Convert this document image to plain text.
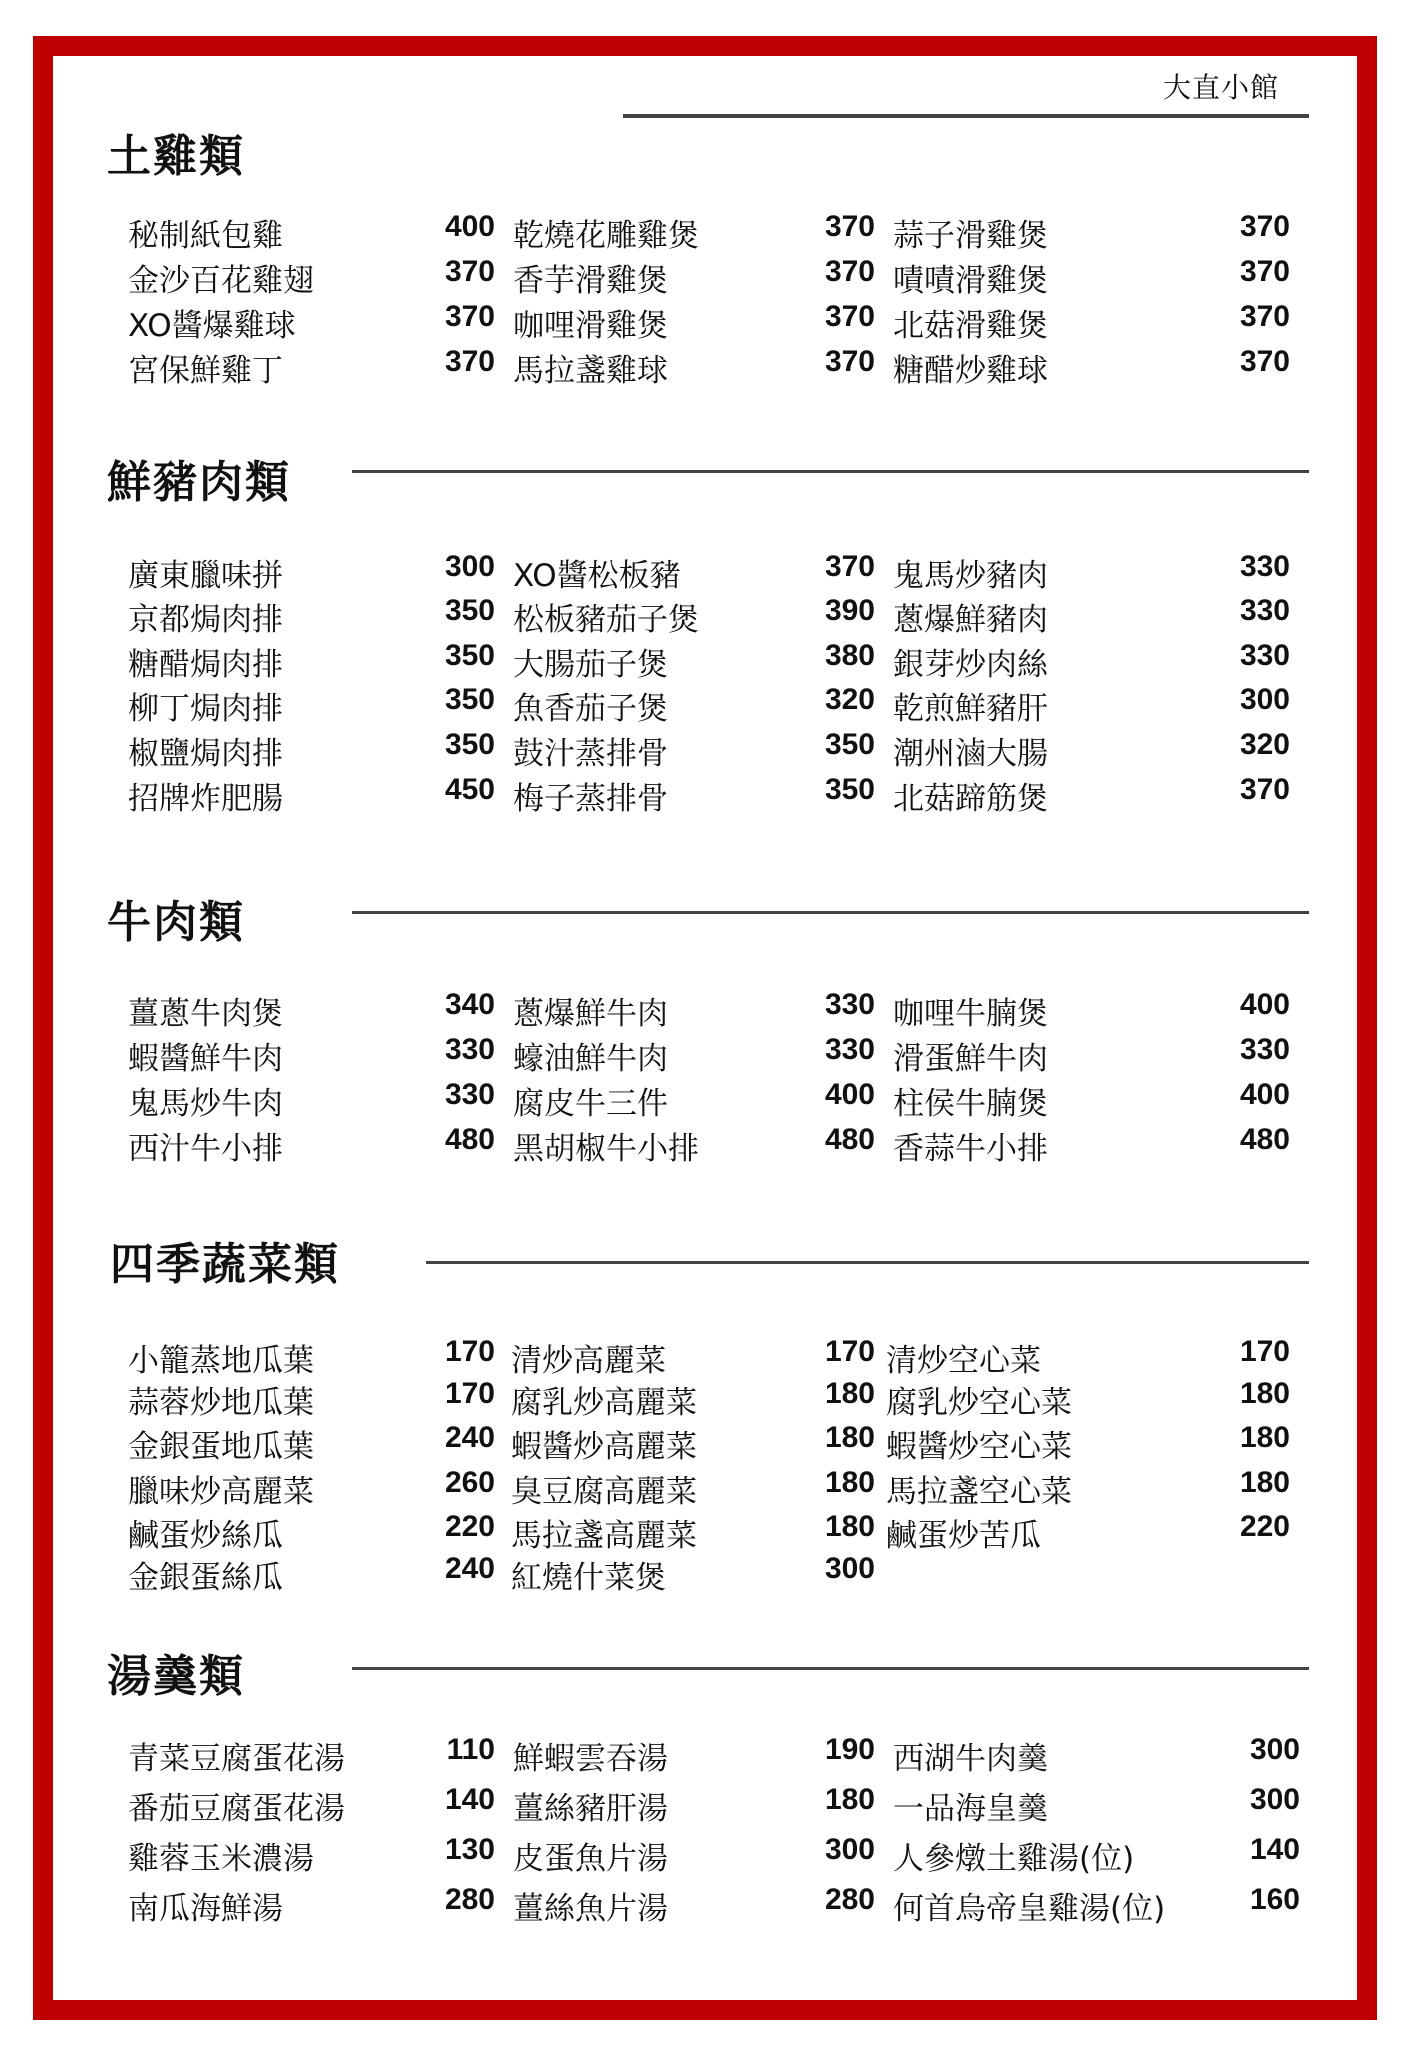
大直小館
土雞類
秘制紙包雞	400 乾燒花雕雞煲	370 蒜子滑雞煲	370
金沙百花雞翅	370 香芋滑雞煲	370 嘖嘖滑雞煲	370
XO醬爆雞球	370 咖哩滑雞煲	370 北菇滑雞煲	370
宮保鮮雞丁	370 馬拉盞雞球	370 糖醋炒雞球	370
鮮豬肉類
廣東臘味拼	300 XO醬松板豬	370 鬼馬炒豬肉	330
京都焗肉排	350 松板豬茄子煲	390 蔥爆鮮豬肉	330
糖醋焗肉排	350 大腸茄子煲	380 銀芽炒肉絲	330
柳丁焗肉排	350 魚香茄子煲	320 乾煎鮮豬肝	300
椒鹽焗肉排	350 鼓汁蒸排骨	350 潮州滷大腸	320
招牌炸肥腸	450 梅子蒸排骨	350 北菇蹄筋煲	370
牛肉類
薑蔥牛肉煲	340 蔥爆鮮牛肉	330 咖哩牛腩煲	400
蝦醬鮮牛肉	330 蠔油鮮牛肉	330 滑蛋鮮牛肉	330
鬼馬炒牛肉	330 腐皮牛三件	400 柱侯牛腩煲	400
西汁牛小排	480 黑胡椒牛小排	480 香蒜牛小排	480
四季蔬菜類
小籠蒸地瓜葉	170 清炒高麗菜	170 清炒空心菜	170
蒜蓉炒地瓜葉	170 腐乳炒高麗菜	180 腐乳炒空心菜	180
金銀蛋地瓜葉	240 蝦醬炒高麗菜	180 蝦醬炒空心菜	180
臘味炒高麗菜	260 臭豆腐高麗菜	180 馬拉盞空心菜	180
鹹蛋炒絲瓜	220 馬拉盞高麗菜	180 鹹蛋炒苦瓜	220
金銀蛋絲瓜	240 紅燒什菜煲	300
湯羹類
青菜豆腐蛋花湯	110 鮮蝦雲吞湯	190 西湖牛肉羹	300
番茄豆腐蛋花湯	140 薑絲豬肝湯	180 一品海皇羹	300
雞蓉玉米濃湯	130 皮蛋魚片湯	300 人參燉土雞湯(位)	140
南瓜海鮮湯	280 薑絲魚片湯	280 何首烏帝皇雞湯(位)	160
